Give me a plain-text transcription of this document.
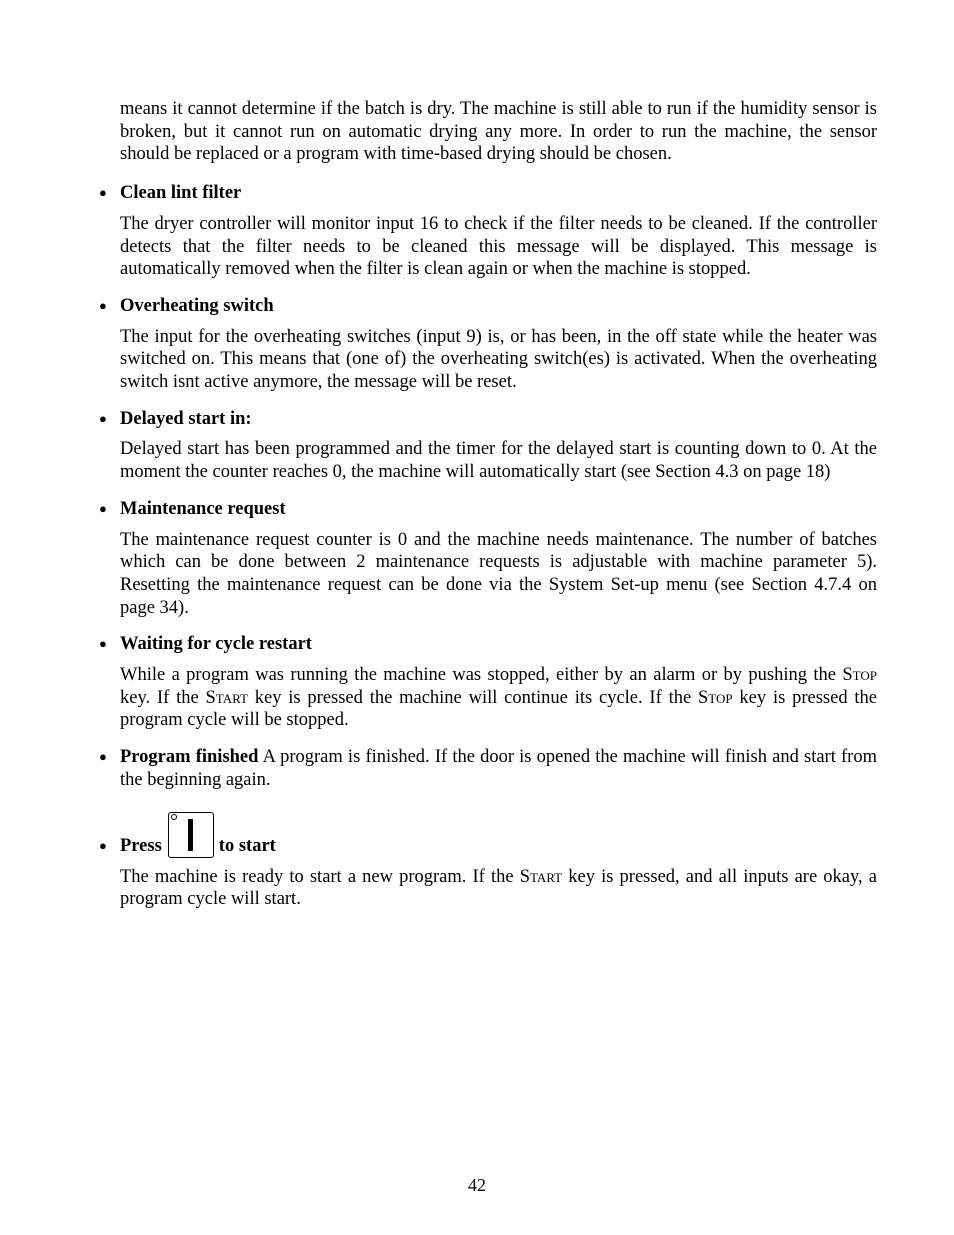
means it cannot determine if the batch is dry. The machine is still able to run if the humidity sensor is broken, but it cannot run on automatic drying any more. In order to run the machine, the sensor should be replaced or a program with time-based drying should be chosen.

● Clean lint filter

The dryer controller will monitor input 16 to check if the filter needs to be cleaned. If the controller detects that the filter needs to be cleaned this message will be displayed. This message is automatically removed when the filter is clean again or when the machine is stopped.

● Overheating switch

The input for the overheating switches (input 9) is, or has been, in the off state while the heater was switched on. This means that (one of) the overheating switch(es) is activated. When the overheating switch isnt active anymore, the message will be reset.

● Delayed start in:

Delayed start has been programmed and the timer for the delayed start is counting down to 0. At the moment the counter reaches 0, the machine will automatically start (see Section 4.3 on page 18)

● Maintenance request

The maintenance request counter is 0 and the machine needs maintenance. The number of batches which can be done between 2 maintenance requests is adjustable with machine parameter 5). Resetting the maintenance request can be done via the System Set-up menu (see Section 4.7.4 on page 34).

● Waiting for cycle restart

While a program was running the machine was stopped, either by an alarm or by pushing the Stop key. If the Start key is pressed the machine will continue its cycle. If the Stop key is pressed the program cycle will be stopped.

● Program finished A program is finished. If the door is opened the machine will finish and start from the beginning again.

● Press	to start

The machine is ready to start a new program. If the Start key is pressed, and all inputs are okay, a program cycle will start.

42
